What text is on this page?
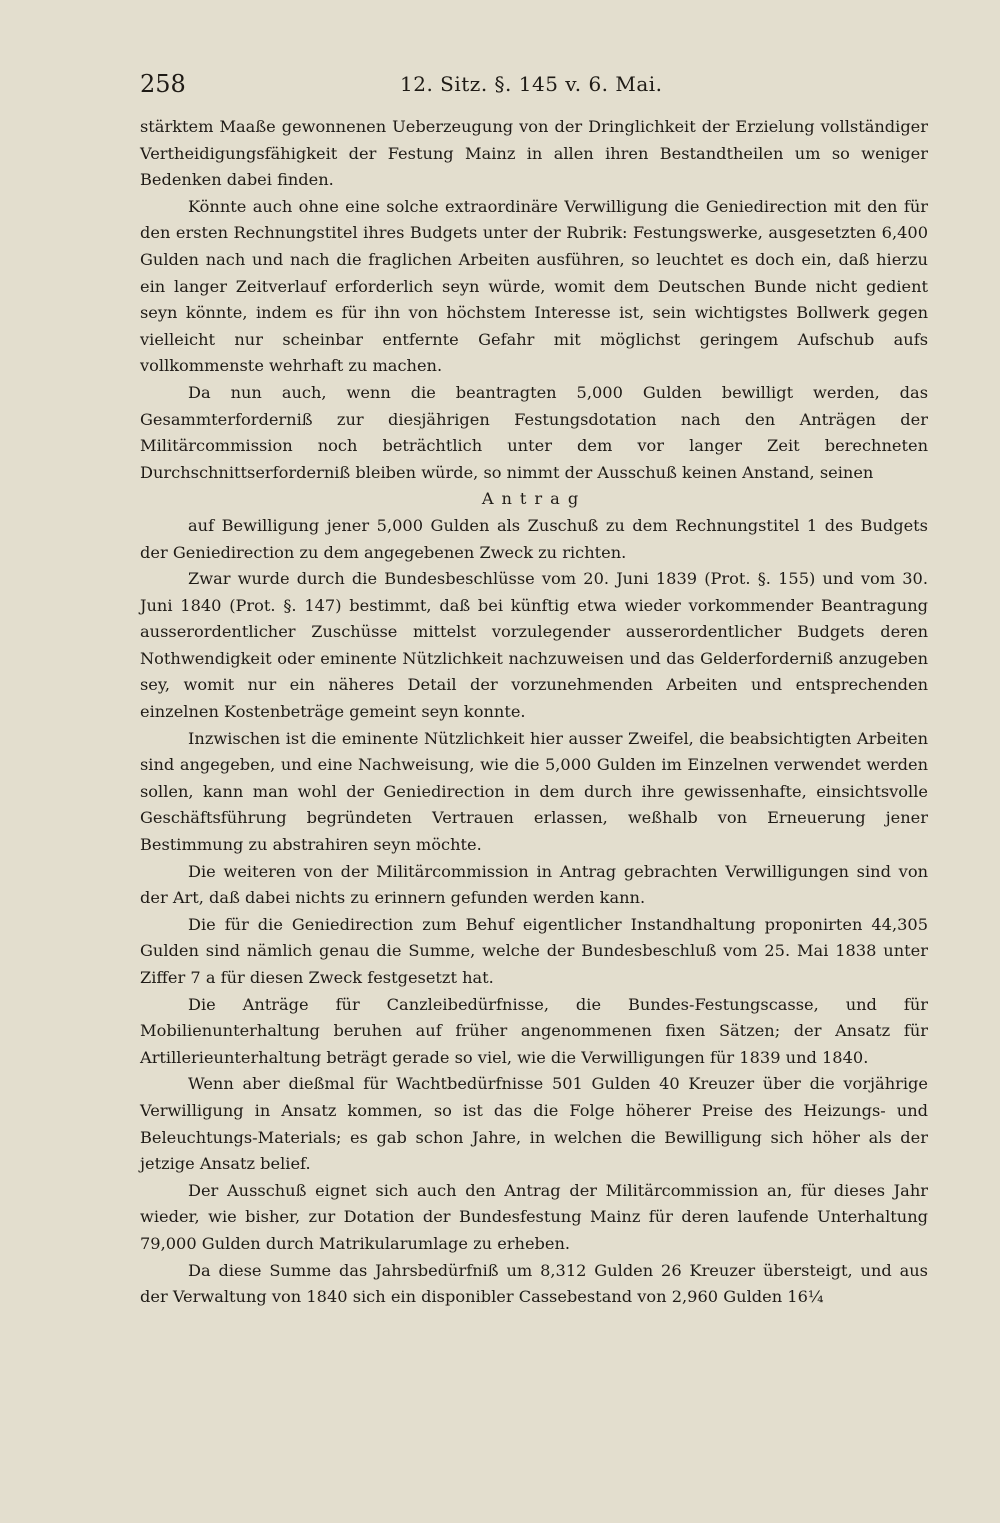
258	12. Sitz. §. 145 v. 6. Mai.

stärktem Maaße gewonnenen Ueberzeugung von der Dringlichkeit der Erzielung vollständiger Vertheidigungsfähigkeit der Festung Mainz in allen ihren Bestandtheilen um so weniger Bedenken dabei finden.

Könnte auch ohne eine solche extraordinäre Verwilligung die Geniedirection mit den für den ersten Rechnungstitel ihres Budgets unter der Rubrik: Festungswerke, ausgesetzten 6,400 Gulden nach und nach die fraglichen Arbeiten ausführen, so leuchtet es doch ein, daß hierzu ein langer Zeitverlauf erforderlich seyn würde, womit dem Deutschen Bunde nicht gedient seyn könnte, indem es für ihn von höchstem Interesse ist, sein wichtigstes Bollwerk gegen vielleicht nur scheinbar entfernte Gefahr mit möglichst geringem Aufschub aufs vollkommenste wehrhaft zu machen.

Da nun auch, wenn die beantragten 5,000 Gulden bewilligt werden, das Gesammterforderniß zur diesjährigen Festungsdotation nach den Anträgen der Militärcommission noch beträchtlich unter dem vor langer Zeit berechneten Durchschnittserforderniß bleiben würde, so nimmt der Ausschuß keinen Anstand, seinen

Antrag

auf Bewilligung jener 5,000 Gulden als Zuschuß zu dem Rechnungstitel 1 des Budgets der Geniedirection zu dem angegebenen Zweck zu richten.

Zwar wurde durch die Bundesbeschlüsse vom 20. Juni 1839 (Prot. §. 155) und vom 30. Juni 1840 (Prot. §. 147) bestimmt, daß bei künftig etwa wieder vorkommender Beantragung ausserordentlicher Zuschüsse mittelst vorzulegender ausserordentlicher Budgets deren Nothwendigkeit oder eminente Nützlichkeit nachzuweisen und das Gelderforderniß anzugeben sey, womit nur ein näheres Detail der vorzunehmenden Arbeiten und entsprechenden einzelnen Kostenbeträge gemeint seyn konnte.

Inzwischen ist die eminente Nützlichkeit hier ausser Zweifel, die beabsichtigten Arbeiten sind angegeben, und eine Nachweisung, wie die 5,000 Gulden im Einzelnen verwendet werden sollen, kann man wohl der Geniedirection in dem durch ihre gewissenhafte, einsichtsvolle Geschäftsführung begründeten Vertrauen erlassen, weßhalb von Erneuerung jener Bestimmung zu abstrahiren seyn möchte.

Die weiteren von der Militärcommission in Antrag gebrachten Verwilligungen sind von der Art, daß dabei nichts zu erinnern gefunden werden kann.

Die für die Geniedirection zum Behuf eigentlicher Instandhaltung proponirten 44,305 Gulden sind nämlich genau die Summe, welche der Bundesbeschluß vom 25. Mai 1838 unter Ziffer 7 a für diesen Zweck festgesetzt hat.

Die Anträge für Canzleibedürfnisse, die Bundes-Festungscasse, und für Mobilienunterhaltung beruhen auf früher angenommenen fixen Sätzen; der Ansatz für Artillerieunterhaltung beträgt gerade so viel, wie die Verwilligungen für 1839 und 1840.

Wenn aber dießmal für Wachtbedürfnisse 501 Gulden 40 Kreuzer über die vorjährige Verwilligung in Ansatz kommen, so ist das die Folge höherer Preise des Heizungs- und Beleuchtungs-Materials; es gab schon Jahre, in welchen die Bewilligung sich höher als der jetzige Ansatz belief.

Der Ausschuß eignet sich auch den Antrag der Militärcommission an, für dieses Jahr wieder, wie bisher, zur Dotation der Bundesfestung Mainz für deren laufende Unterhaltung 79,000 Gulden durch Matrikularumlage zu erheben.

Da diese Summe das Jahrsbedürfniß um 8,312 Gulden 26 Kreuzer übersteigt, und aus der Verwaltung von 1840 sich ein disponibler Cassebestand von 2,960 Gulden 16¼
